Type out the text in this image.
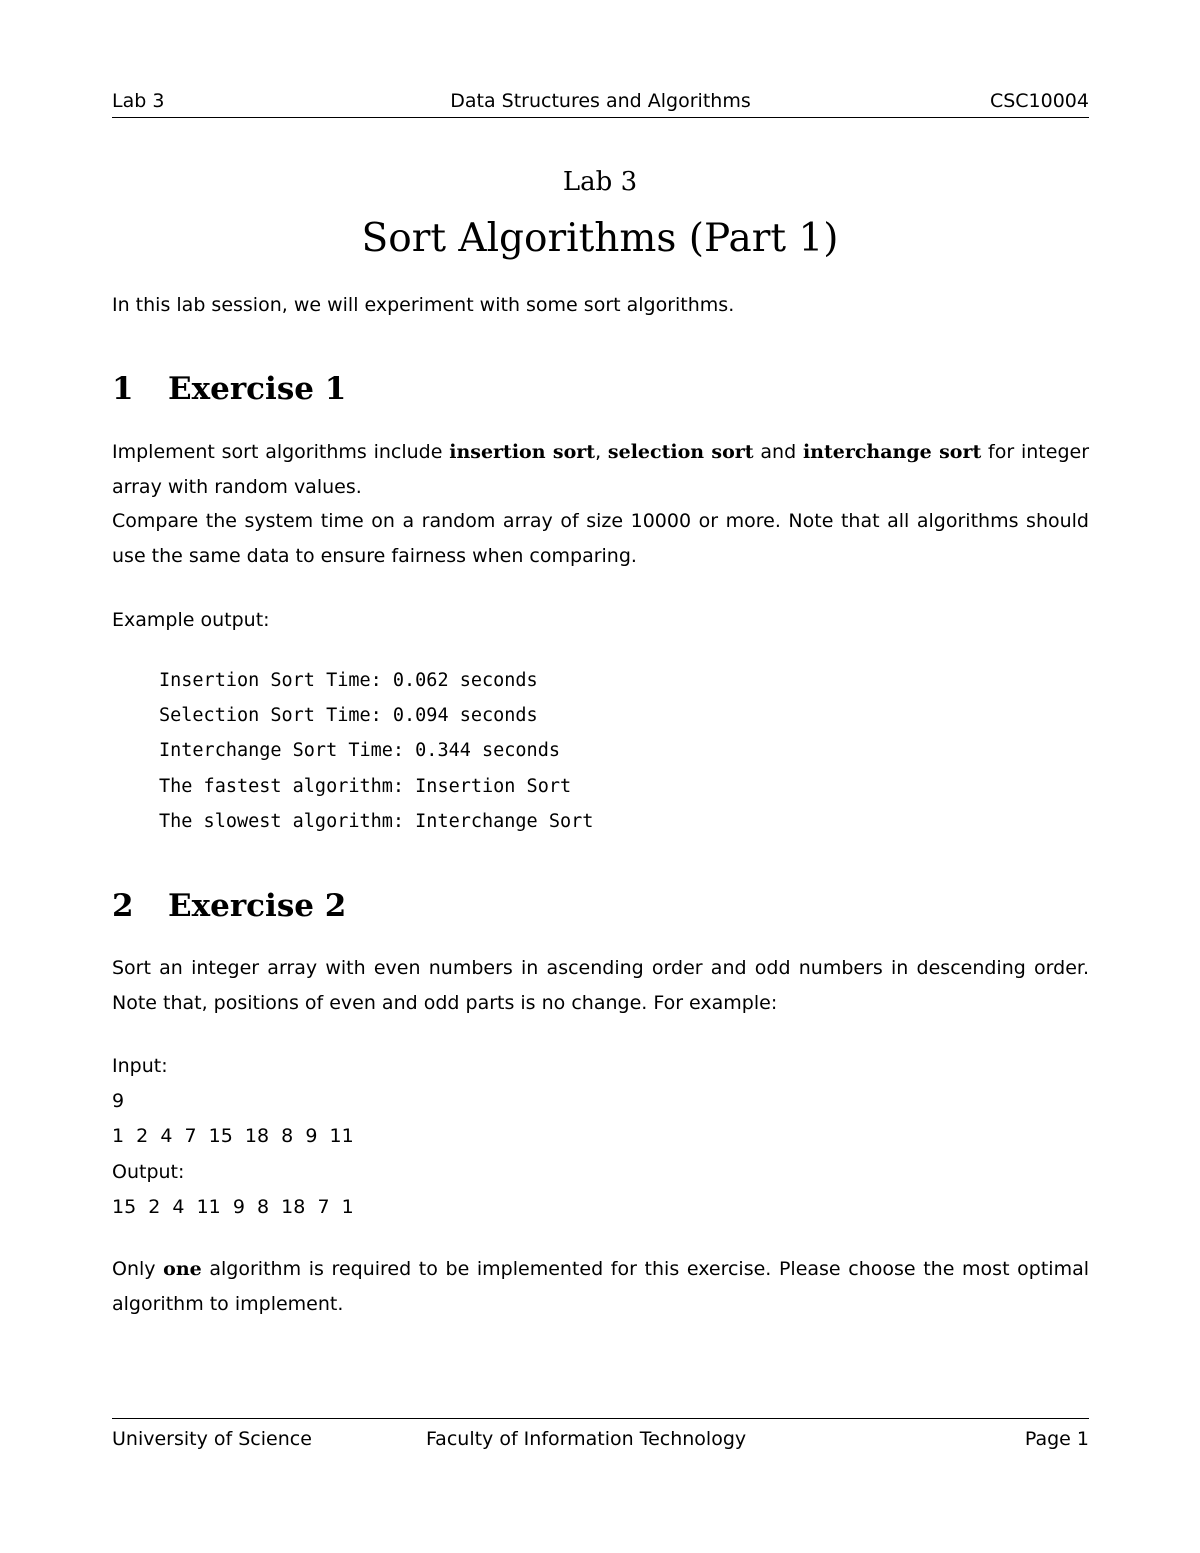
Lab 3	Data Structures and Algorithms	CSC10004
Lab 3
Sort Algorithms (Part 1)
In this lab session, we will experiment with some sort algorithms.
1 Exercise 1
Implement sort algorithms include insertion sort, selection sort and interchange sort for integer array with random values.
Compare the system time on a random array of size 10000 or more. Note that all algorithms should use the same data to ensure fairness when comparing.
Example output:
Insertion Sort Time: 0.062 seconds
Selection Sort Time: 0.094 seconds
Interchange Sort Time: 0.344 seconds
The fastest algorithm: Insertion Sort
The slowest algorithm: Interchange Sort
2 Exercise 2
Sort an integer array with even numbers in ascending order and odd numbers in descending order. Note that, positions of even and odd parts is no change. For example:
Input:
9
1  2  4  7  15  18  8  9  11
Output:
15  2  4  11  9  8  18  7  1
Only one algorithm is required to be implemented for this exercise. Please choose the most optimal algorithm to implement.
University of Science	Faculty of Information Technology	Page 1
